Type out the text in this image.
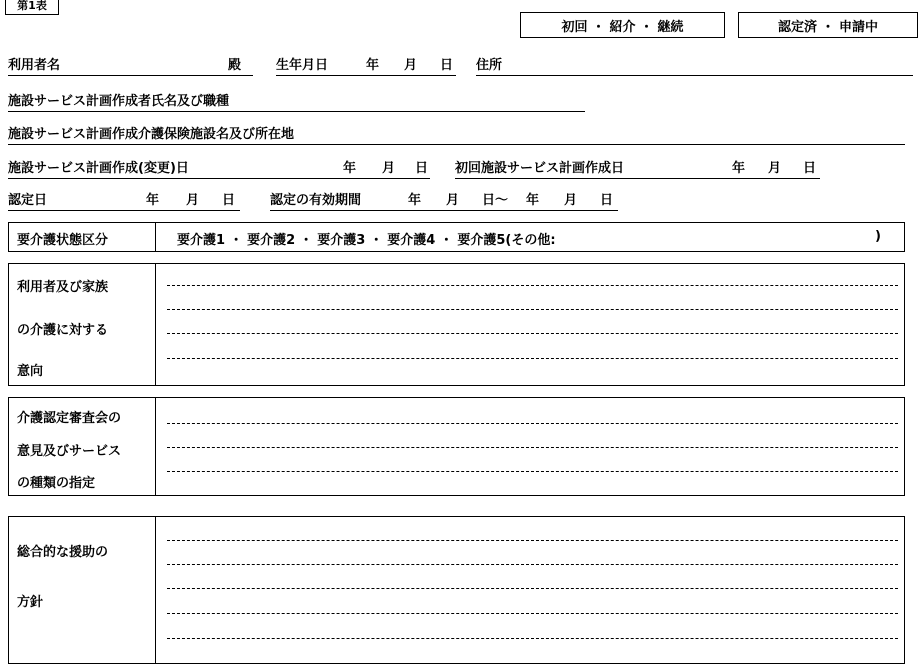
第1表
初回 ・ 紹介 ・ 継続	認定済 ・ 申請中
利用者名	殿	生年月日	年 月 日 住所
施設サービス計画作成者氏名及び職種
施設サービス計画作成介護保険施設名及び所在地
施設サービス計画作成(変更)日	年 月 日 初回施設サービス計画作成日	年 月 日
認定日	年 月 日	認定の有効期間	年 月 日〜 年 月 日
要介護状態区分	要介護1 ・ 要介護2 ・ 要介護3 ・ 要介護4 ・ 要介護5(その他:	)
利用者及び家族
の介護に対する
意向
介護認定審査会の
意見及びサービス
の種類の指定
総合的な援助の
方針
